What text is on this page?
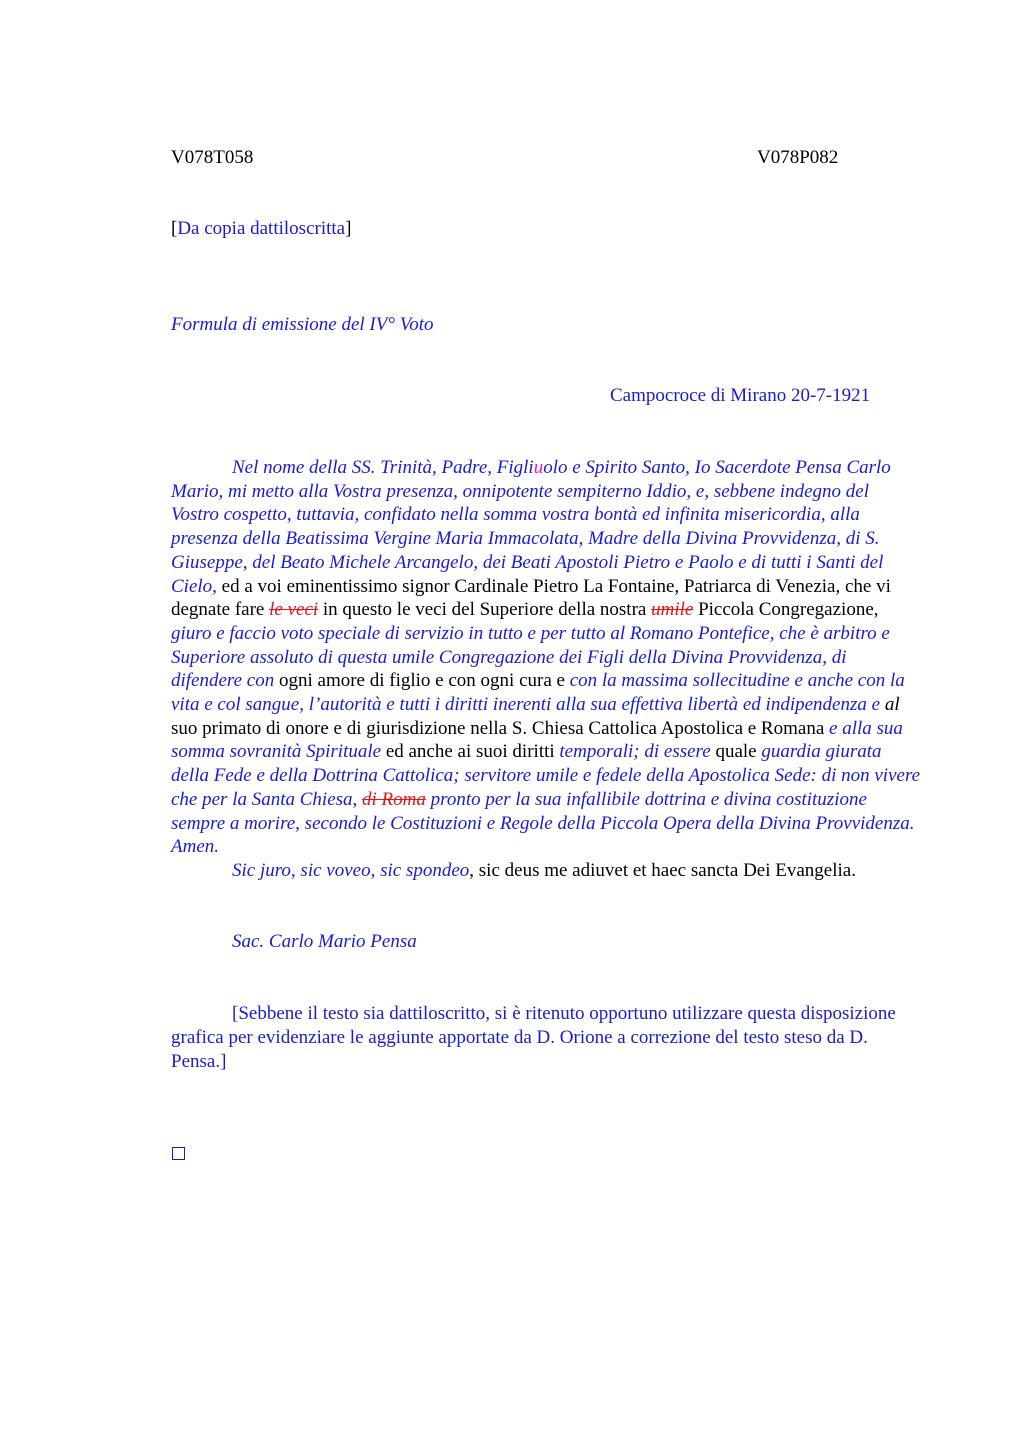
V078T058	V078P082
[Da copia dattiloscritta]
Formula di emissione del IV° Voto
Campocroce di Mirano 20-7-1921

Nel nome della SS. Trinità, Padre, Figliuolo e Spirito Santo, Io Sacerdote Pensa Carlo Mario, mi metto alla Vostra presenza, onnipotente sempiterno Iddio, e, sebbene indegno del Vostro cospetto, tuttavia, confidato nella somma vostra bontà ed infinita misericordia, alla presenza della Beatissima Vergine Maria Immacolata, Madre della Divina Provvidenza, di S. Giuseppe, del Beato Michele Arcangelo, dei Beati Apostoli Pietro e Paolo e di tutti i Santi del Cielo, ed a voi eminentissimo signor Cardinale Pietro La Fontaine, Patriarca di Venezia, che vi degnate fare le veci in questo le veci del Superiore della nostra umile Piccola Congregazione, giuro e faccio voto speciale di servizio in tutto e per tutto al Romano Pontefice, che è arbitro e Superiore assoluto di questa umile Congregazione dei Figli della Divina Provvidenza, di difendere con ogni amore di figlio e con ogni cura e con la massima sollecitudine e anche con la vita e col sangue, l’autorità e tutti i diritti inerenti alla sua effettiva libertà ed indipendenza e al suo primato di onore e di giurisdizione nella S. Chiesa Cattolica Apostolica e Romana e alla sua somma sovranità Spirituale ed anche ai suoi diritti temporali; di essere quale guardia giurata della Fede e della Dottrina Cattolica; servitore umile e fedele della Apostolica Sede: di non vivere che per la Santa Chiesa, di Roma pronto per la sua infallibile dottrina e divina costituzione sempre a morire, secondo le Costituzioni e Regole della Piccola Opera della Divina Provvidenza. Amen.

Sic juro, sic voveo, sic spondeo, sic deus me adiuvet et haec sancta Dei Evangelia.

Sac. Carlo Mario Pensa

[Sebbene il testo sia dattiloscritto, si è ritenuto opportuno utilizzare questa disposizione grafica per evidenziare le aggiunte apportate da D. Orione a correzione del testo steso da D. Pensa.]
